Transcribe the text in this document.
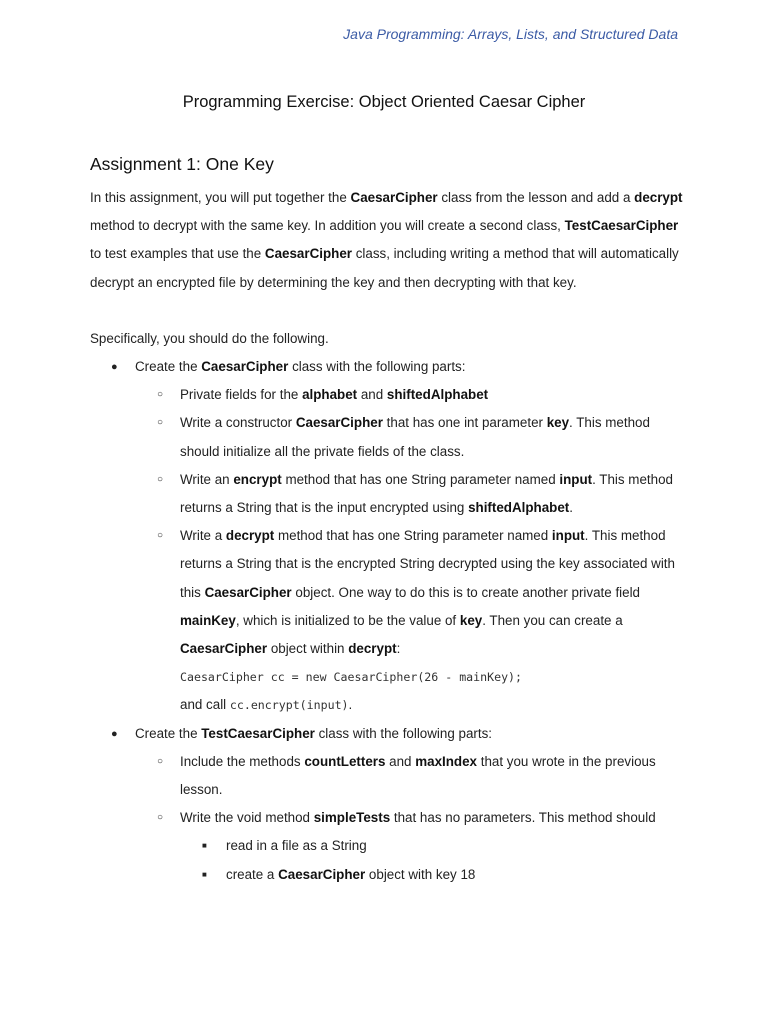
Java Programming: Arrays, Lists, and Structured Data
Programming Exercise: Object Oriented Caesar Cipher
Assignment 1: One Key

In this assignment, you will put together the CaesarCipher class from the lesson and add a decrypt method to decrypt with the same key. In addition you will create a second class, TestCaesarCipher to test examples that use the CaesarCipher class, including writing a method that will automatically decrypt an encrypted file by determining the key and then decrypting with that key.

Specifically, you should do the following.

● Create the CaesarCipher class with the following parts:
○ Private fields for the alphabet and shiftedAlphabet
○ Write a constructor CaesarCipher that has one int parameter key. This method should initialize all the private fields of the class.
○ Write an encrypt method that has one String parameter named input. This method returns a String that is the input encrypted using shiftedAlphabet.
○ Write a decrypt method that has one String parameter named input. This method returns a String that is the encrypted String decrypted using the key associated with this CaesarCipher object. One way to do this is to create another private field mainKey, which is initialized to be the value of key. Then you can create a CaesarCipher object within decrypt:
CaesarCipher cc = new CaesarCipher(26 - mainKey);
and call cc.encrypt(input).
● Create the TestCaesarCipher class with the following parts:
○ Include the methods countLetters and maxIndex that you wrote in the previous lesson.
○ Write the void method simpleTests that has no parameters. This method should
■ read in a file as a String
■ create a CaesarCipher object with key 18
